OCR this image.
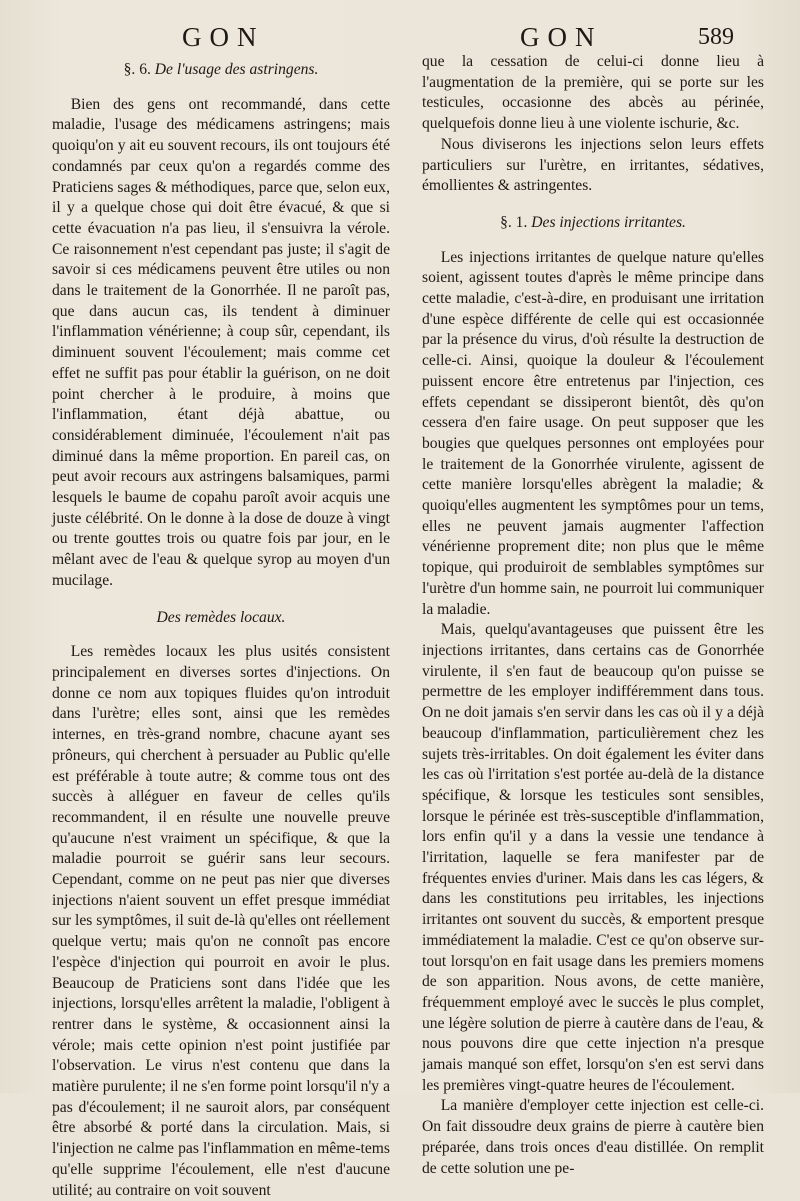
GON	GON	589
§. 6. De l'usage des astringens.

Bien des gens ont recommandé, dans cette maladie, l'usage des médicamens astringens; mais quoiqu'on y ait eu souvent recours, ils ont toujours été condamnés par ceux qu'on a regardés comme des Praticiens sages & méthodiques, parce que, selon eux, il y a quelque chose qui doit être évacué, & que si cette évacuation n'a pas lieu, il s'ensuivra la vérole. Ce raisonnement n'est cependant pas juste; il s'agit de savoir si ces médicamens peuvent être utiles ou non dans le traitement de la Gonorrhée. Il ne paroît pas, que dans aucun cas, ils tendent à diminuer l'inflammation vénérienne; à coup sûr, cependant, ils diminuent souvent l'écoulement; mais comme cet effet ne suffit pas pour établir la guérison, on ne doit point chercher à le produire, à moins que l'inflammation, étant déjà abattue, ou considérablement diminuée, l'écoulement n'ait pas diminué dans la même proportion. En pareil cas, on peut avoir recours aux astringens balsamiques, parmi lesquels le baume de copahu paroît avoir acquis une juste célébrité. On le donne à la dose de douze à vingt ou trente gouttes trois ou quatre fois par jour, en le mêlant avec de l'eau & quelque syrop au moyen d'un mucilage.

Des remèdes locaux.

Les remèdes locaux les plus usités consistent principalement en diverses sortes d'injections. On donne ce nom aux topiques fluides qu'on introduit dans l'urètre; elles sont, ainsi que les remèdes internes, en très-grand nombre, chacune ayant ses prôneurs, qui cherchent à persuader au Public qu'elle est préférable à toute autre; & comme tous ont des succès à alléguer en faveur de celles qu'ils recommandent, il en résulte une nouvelle preuve qu'aucune n'est vraiment un spécifique, & que la maladie pourroit se guérir sans leur secours. Cependant, comme on ne peut pas nier que diverses injections n'aient souvent un effet presque immédiat sur les symptômes, il suit de-là qu'elles ont réellement quelque vertu; mais qu'on ne connoît pas encore l'espèce d'injection qui pourroit en avoir le plus. Beaucoup de Praticiens sont dans l'idée que les injections, lorsqu'elles arrêtent la maladie, l'obligent à rentrer dans le système, & occasionnent ainsi la vérole; mais cette opinion n'est point justifiée par l'observation. Le virus n'est contenu que dans la matière purulente; il ne s'en forme point lorsqu'il n'y a pas d'écoulement; il ne sauroit alors, par conséquent être absorbé & porté dans la circulation. Mais, si l'injection ne calme pas l'inflammation en même-tems qu'elle supprime l'écoulement, elle n'est d'aucune utilité; au contraire on voit souvent

que la cessation de celui-ci donne lieu à l'augmentation de la première, qui se porte sur les testicules, occasionne des abcès au périnée, quelquefois donne lieu à une violente ischurie, &c.

Nous diviserons les injections selon leurs effets particuliers sur l'urètre, en irritantes, sédatives, émollientes & astringentes.

§. 1. Des injections irritantes.

Les injections irritantes de quelque nature qu'elles soient, agissent toutes d'après le même principe dans cette maladie, c'est-à-dire, en produisant une irritation d'une espèce différente de celle qui est occasionnée par la présence du virus, d'où résulte la destruction de celle-ci. Ainsi, quoique la douleur & l'écoulement puissent encore être entretenus par l'injection, ces effets cependant se dissiperont bientôt, dès qu'on cessera d'en faire usage. On peut supposer que les bougies que quelques personnes ont employées pour le traitement de la Gonorrhée virulente, agissent de cette manière lorsqu'elles abrègent la maladie; & quoiqu'elles augmentent les symptômes pour un tems, elles ne peuvent jamais augmenter l'affection vénérienne proprement dite; non plus que le même topique, qui produiroit de semblables symptômes sur l'urètre d'un homme sain, ne pourroit lui communiquer la maladie.

Mais, quelqu'avantageuses que puissent être les injections irritantes, dans certains cas de Gonorrhée virulente, il s'en faut de beaucoup qu'on puisse se permettre de les employer indifféremment dans tous. On ne doit jamais s'en servir dans les cas où il y a déjà beaucoup d'inflammation, particulièrement chez les sujets très-irritables. On doit également les éviter dans les cas où l'irritation s'est portée au-delà de la distance spécifique, & lorsque les testicules sont sensibles, lorsque le périnée est très-susceptible d'inflammation, lors enfin qu'il y a dans la vessie une tendance à l'irritation, laquelle se fera manifester par de fréquentes envies d'uriner. Mais dans les cas légers, & dans les constitutions peu irritables, les injections irritantes ont souvent du succès, & emportent presque immédiatement la maladie. C'est ce qu'on observe sur-tout lorsqu'on en fait usage dans les premiers momens de son apparition. Nous avons, de cette manière, fréquemment employé avec le succès le plus complet, une légère solution de pierre à cautère dans de l'eau, & nous pouvons dire que cette injection n'a presque jamais manqué son effet, lorsqu'on s'en est servi dans les premières vingt-quatre heures de l'écoulement.

La manière d'employer cette injection est celle-ci. On fait dissoudre deux grains de pierre à cautère bien préparée, dans trois onces d'eau distillée. On remplit de cette solution une pe-
